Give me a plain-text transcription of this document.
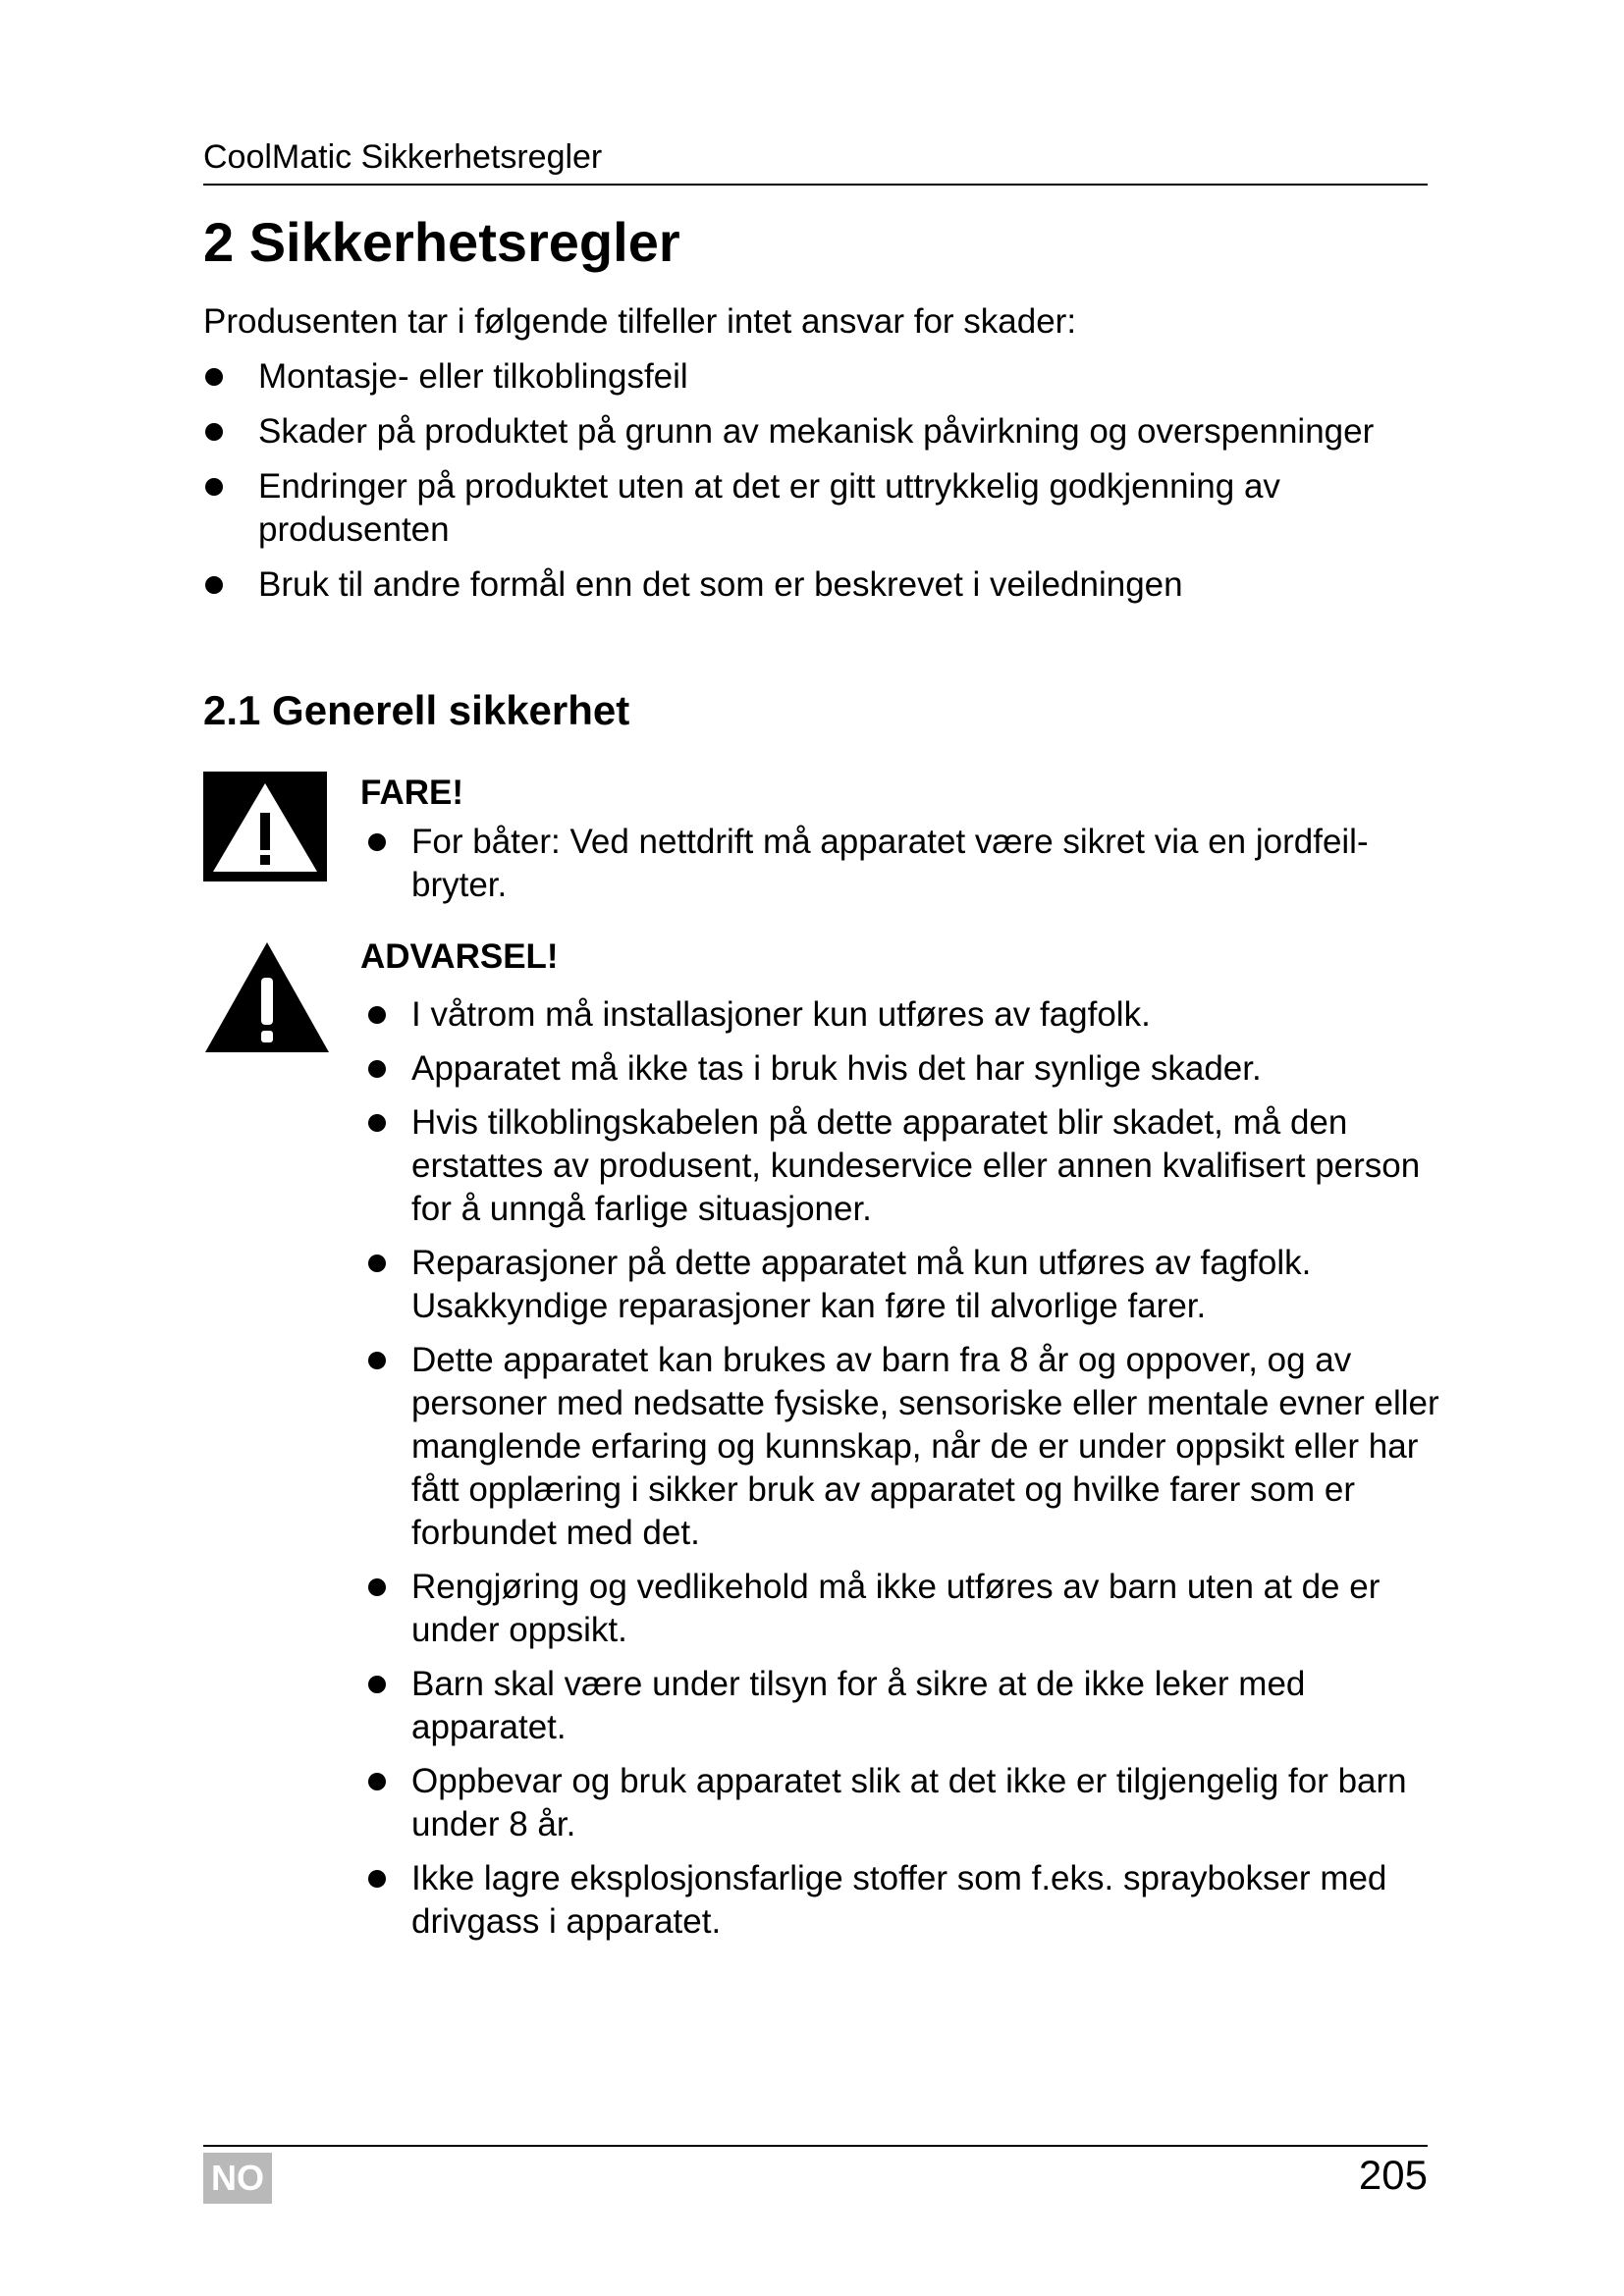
CoolMatic Sikkerhetsregler
2 Sikkerhetsregler

Produsenten tar i følgende tilfeller intet ansvar for skader:

Montasje- eller tilkoblingsfeil
Skader på produktet på grunn av mekanisk påvirkning og overspenninger
Endringer på produktet uten at det er gitt uttrykkelig godkjenning av produsenten
Bruk til andre formål enn det som er beskrevet i veiledningen
2.1 Generell sikkerhet
FARE!
For båter: Ved nettdrift må apparatet være sikret via en jordfeilbryter.
ADVARSEL!
I våtrom må installasjoner kun utføres av fagfolk.
Apparatet må ikke tas i bruk hvis det har synlige skader.
Hvis tilkoblingskabelen på dette apparatet blir skadet, må den erstattes av produsent, kundeservice eller annen kvalifisert person for å unngå farlige situasjoner.
Reparasjoner på dette apparatet må kun utføres av fagfolk. Usakkyndige reparasjoner kan føre til alvorlige farer.
Dette apparatet kan brukes av barn fra 8 år og oppover, og av personer med nedsatte fysiske, sensoriske eller mentale evner eller manglende erfaring og kunnskap, når de er under oppsikt eller har fått opplæring i sikker bruk av apparatet og hvilke farer som er forbundet med det.
Rengjøring og vedlikehold må ikke utføres av barn uten at de er under oppsikt.
Barn skal være under tilsyn for å sikre at de ikke leker med apparatet.
Oppbevar og bruk apparatet slik at det ikke er tilgjengelig for barn under 8 år.
Ikke lagre eksplosjonsfarlige stoffer som f.eks. spraybokser med drivgass i apparatet.
NO	205
